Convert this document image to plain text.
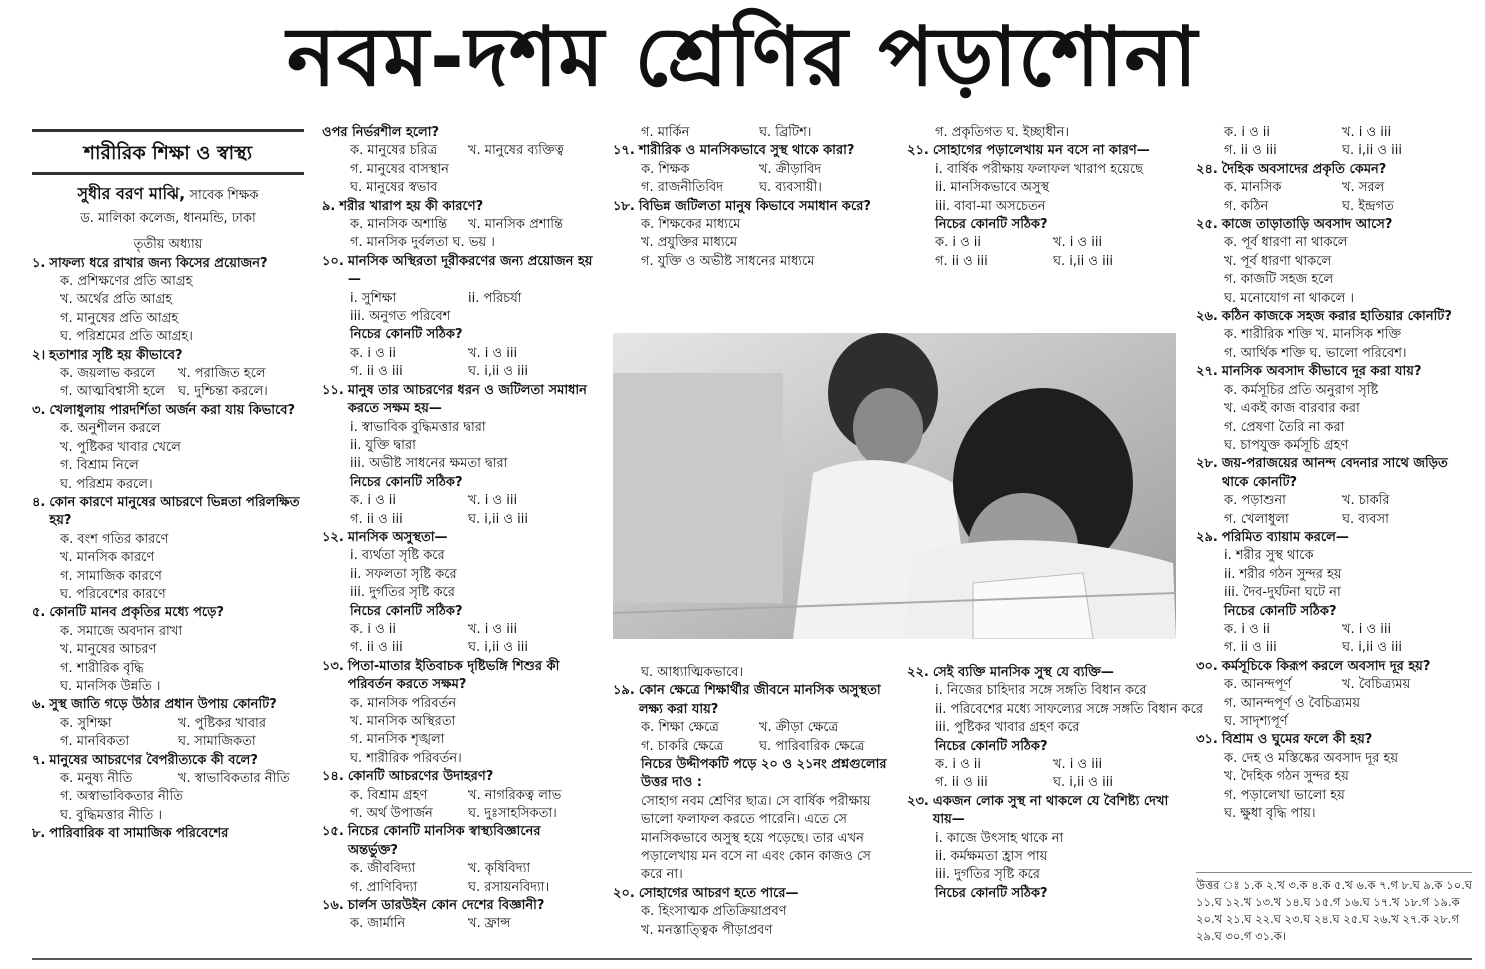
নবম-দশম শ্রেণির পড়াশোনা
শারীরিক শিক্ষা ও স্বাস্থ্য
সুধীর বরণ মাঝি, সাবেক শিক্ষক
ড. মালিকা কলেজ, ধানমন্ডি, ঢাকা
তৃতীয় অধ্যায়
১. সাফল্য ধরে রাখার জন্য কিসের প্রয়োজন?
ক. প্রশিক্ষণের প্রতি আগ্রহ
খ. অর্থের প্রতি আগ্রহ
গ. মানুষের প্রতি আগ্রহ
ঘ. পরিশ্রমের প্রতি আগ্রহ।
২। হতাশার সৃষ্টি হয় কীভাবে?
ক. জয়লাভ করলে	খ. পরাজিত হলে
গ. আত্মবিশ্বাসী হলে	ঘ. দুশ্চিন্তা করলে।
৩. খেলাধুলায় পারদর্শিতা অর্জন করা যায় কিভাবে?
ক. অনুশীলন করলে
খ. পুষ্টিকর খাবার খেলে
গ. বিশ্রাম নিলে
ঘ. পরিশ্রম করলে।
৪. কোন কারণে মানুষের আচরণে ভিন্নতা পরিলক্ষিত হয়?
ক. বংশ গতির কারণে
খ. মানসিক কারণে
গ. সামাজিক কারণে
ঘ. পরিবেশের কারণে
৫. কোনটি মানব প্রকৃতির মধ্যে পড়ে?
ক. সমাজে অবদান রাখা
খ. মানুষের আচরণ
গ. শারীরিক বৃদ্ধি
ঘ. মানসিক উন্নতি ।
৬. সুস্থ জাতি গড়ে উঠার প্রধান উপায় কোনটি?
ক. সুশিক্ষা	খ. পুষ্টিকর খাবার
গ. মানবিকতা	ঘ. সামাজিকতা
৭. মানুষের আচরণের বৈপরীত্যকে কী বলে?
ক. মনুষ্য নীতি	খ. স্বাভাবিকতার নীতি
গ. অস্বাভাবিকতার নীতি
ঘ. বুদ্ধিমত্তার নীতি ।
৮. পারিবারিক বা সামাজিক পরিবেশের
ওপর নির্ভরশীল হলো?
ক. মানুষের চরিত্র	খ. মানুষের ব্যক্তিত্ব
গ. মানুষের বাসস্থান
ঘ. মানুষের স্বভাব
৯. শরীর খারাপ হয় কী কারণে?
ক. মানসিক অশান্তি	খ. মানসিক প্রশান্তি
গ. মানসিক দুর্বলতা ঘ. ভয় ।
১০. মানসিক অস্থিরতা দূরীকরণের জন্য প্রয়োজন হয়—
i. সুশিক্ষা	ii. পরিচর্যা
iii. অনুগত পরিবেশ
নিচের কোনটি সঠিক?
ক. i ও ii	খ. i ও iii
গ. ii ও iii	ঘ. i,ii ও iii
১১. মানুষ তার আচরণের ধরন ও জটিলতা সমাধান করতে সক্ষম হয়—
i. স্বাভাবিক বুদ্ধিমত্তার দ্বারা
ii. যুক্তি দ্বারা
iii. অভীষ্ট সাধনের ক্ষমতা দ্বারা
নিচের কোনটি সঠিক?
ক. i ও ii	খ. i ও iii
গ. ii ও iii	ঘ. i,ii ও iii
১২. মানসিক অসুস্থতা—
i. ব্যর্থতা সৃষ্টি করে
ii. সফলতা সৃষ্টি করে
iii. দুর্গতির সৃষ্টি করে
নিচের কোনটি সঠিক?
ক. i ও ii	খ. i ও iii
গ. ii ও iii	ঘ. i,ii ও iii
১৩. পিতা-মাতার ইতিবাচক দৃষ্টিভঙ্গি শিশুর কী পরিবর্তন করতে সক্ষম?
ক. মানসিক পরিবর্তন
খ. মানসিক অস্থিরতা
গ. মানসিক শৃঙ্খলা
ঘ. শারীরিক পরিবর্তন।
১৪. কোনটি আচরণের উদাহরণ?
ক. বিশ্রাম গ্রহণ	খ. নাগরিকত্ব লাভ
গ. অর্থ উপার্জন	ঘ. দুঃসাহসিকতা।
১৫. নিচের কোনটি মানসিক স্বাস্থ্যবিজ্ঞানের অন্তর্ভুক্ত?
ক. জীববিদ্যা	খ. কৃষিবিদ্যা
গ. প্রাণিবিদ্যা	ঘ. রসায়নবিদ্যা।
১৬. চার্লস ডারউইন কোন দেশের বিজ্ঞানী?
ক. জার্মানি	খ. ফ্রান্স
গ. মার্কিন	ঘ. ব্রিটিশ।
১৭. শারীরিক ও মানসিকভাবে সুস্থ থাকে কারা?
ক. শিক্ষক	খ. ক্রীড়াবিদ
গ. রাজনীতিবিদ	ঘ. ব্যবসায়ী।
১৮. বিভিন্ন জটিলতা মানুষ কিভাবে সমাধান করে?
ক. শিক্ষকের মাধ্যমে
খ. প্রযুক্তির মাধ্যমে
গ. যুক্তি ও অভীষ্ট সাধনের মাধ্যমে
গ. প্রকৃতিগত ঘ. ইচ্ছাধীন।
২১. সোহাগের পড়ালেখায় মন বসে না কারণ—
i. বার্ষিক পরীক্ষায় ফলাফল খারাপ হয়েছে
ii. মানসিকভাবে অসুস্থ
iii. বাবা-মা অসচেতন
নিচের কোনটি সঠিক?
ক. i ও ii	খ. i ও iii
গ. ii ও iii	ঘ. i,ii ও iii
ঘ. আধ্যাত্মিকভাবে।
১৯. কোন ক্ষেত্রে শিক্ষার্থীর জীবনে মানসিক অসুস্থতা লক্ষ্য করা যায়?
ক. শিক্ষা ক্ষেত্রে	খ. ক্রীড়া ক্ষেত্রে
গ. চাকরি ক্ষেত্রে	ঘ. পারিবারিক ক্ষেত্রে
নিচের উদ্দীপকটি পড়ে ২০ ও ২১নং প্রশ্নগুলোর উত্তর দাও :
সোহাগ নবম শ্রেণির ছাত্র। সে বার্ষিক পরীক্ষায় ভালো ফলাফল করতে পারেনি। এতে সে মানসিকভাবে অসুস্থ হয়ে পড়েছে। তার এখন পড়ালেখায় মন বসে না এবং কোন কাজও সে করে না।
২০. সোহাগের আচরণ হতে পারে—
ক. হিংসাত্মক প্রতিক্রিয়াপ্রবণ
খ. মনস্তাত্ত্বিক পীড়াপ্রবণ
২২. সেই ব্যক্তি মানসিক সুস্থ যে ব্যক্তি—
i. নিজের চাহিদার সঙ্গে সঙ্গতি বিধান করে
ii. পরিবেশের মধ্যে সাফল্যের সঙ্গে সঙ্গতি বিধান করে
iii. পুষ্টিকর খাবার গ্রহণ করে
নিচের কোনটি সঠিক?
ক. i ও ii	খ. i ও iii
গ. ii ও iii	ঘ. i,ii ও iii
২৩. একজন লোক সুস্থ না থাকলে যে বৈশিষ্ট্য দেখা যায়—
i. কাজে উৎসাহ থাকে না
ii. কর্মক্ষমতা হ্রাস পায়
iii. দুর্গতির সৃষ্টি করে
নিচের কোনটি সঠিক?
ক. i ও ii	খ. i ও iii
গ. ii ও iii	ঘ. i,ii ও iii
২৪. দৈহিক অবসাদের প্রকৃতি কেমন?
ক. মানসিক	খ. সরল
গ. কঠিন	ঘ. ইন্দ্রগত
২৫. কাজে তাড়াতাড়ি অবসাদ আসে?
ক. পূর্ব ধারণা না থাকলে
খ. পূর্ব ধারণা থাকলে
গ. কাজটি সহজ হলে
ঘ. মনোযোগ না থাকলে ।
২৬. কঠিন কাজকে সহজ করার হাতিয়ার কোনটি?
ক. শারীরিক শক্তি খ. মানসিক শক্তি
গ. আর্থিক শক্তি ঘ. ভালো পরিবেশ।
২৭. মানসিক অবসাদ কীভাবে দূর করা যায়?
ক. কর্মসূচির প্রতি অনুরাগ সৃষ্টি
খ. একই কাজ বারবার করা
গ. প্রেষণা তৈরি না করা
ঘ. চাপযুক্ত কর্মসূচি গ্রহণ
২৮. জয়-পরাজয়ের আনন্দ বেদনার সাথে জড়িত থাকে কোনটি?
ক. পড়াশুনা	খ. চাকরি
গ. খেলাধুলা	ঘ. ব্যবসা
২৯. পরিমিত ব্যায়াম করলে—
i. শরীর সুস্থ থাকে
ii. শরীর গঠন সুন্দর হয়
iii. দৈব-দুর্ঘটনা ঘটে না
নিচের কোনটি সঠিক?
ক. i ও ii	খ. i ও iii
গ. ii ও iii	ঘ. i,ii ও iii
৩০. কর্মসূচিকে কিরূপ করলে অবসাদ দূর হয়?
ক. আনন্দপূর্ণ	খ. বৈচিত্র্যময়
গ. আনন্দপূর্ণ ও বৈচিত্র্যময়
ঘ. সাদৃশ্যপূর্ণ
৩১. বিশ্রাম ও ঘুমের ফলে কী হয়?
ক. দেহ ও মস্তিষ্কের অবসাদ দূর হয়
খ. দৈহিক গঠন সুন্দর হয়
গ. পড়ালেখা ভালো হয়
ঘ. ক্ষুধা বৃদ্ধি পায়।
উত্তর ঃ ১.ক ২.খ ৩.ক ৪.ক ৫.খ ৬.ক ৭.গ ৮.ঘ ৯.ক ১০.ঘ ১১.ঘ ১২.খ ১৩.খ ১৪.ঘ ১৫.গ ১৬.ঘ ১৭.খ ১৮.গ ১৯.ক ২০.খ ২১.ঘ ২২.ঘ ২৩.ঘ ২৪.ঘ ২৫.ঘ ২৬.খ ২৭.ক ২৮.গ ২৯.ঘ ৩০.গ ৩১.ক।
